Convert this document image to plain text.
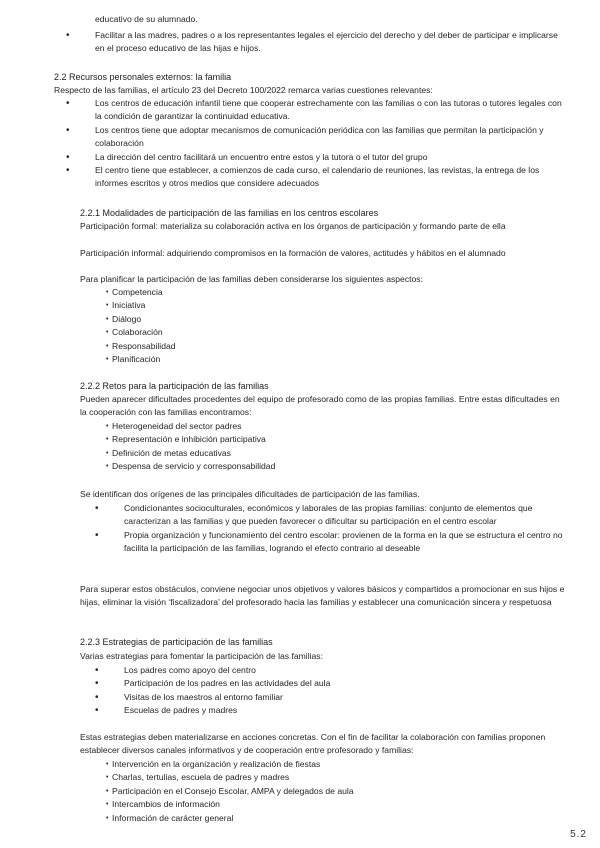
educativo de su alumnado.

• Facilitar a las madres, padres o a los representantes legales el ejercicio del derecho y del deber de participar e implicarse en el proceso educativo de las hijas e hijos.
2.2 Recursos personales externos: la familia
Respecto de las familias, el artículo 23 del Decreto 100/2022 remarca varias cuestiones relevantes:
• Los centros de educación infantil tiene que cooperar estrechamente con las familias o con las tutoras o tutores legales con la condición de garantizar la continuidad educativa.
• Los centros tiene que adoptar mecanismos de comunicación periódica con las familias que permitan la participación y colaboración
• La dirección del centro facilitará un encuentro entre estos y la tutora o el tutor del grupo
• El centro tiene que establecer, a comienzos de cada curso, el calendario de reuniones, las revistas, la entrega de los informes escritos y otros medios que considere adecuados
2.2.1 Modalidades de participación de las familias en los centros escolares
Participación formal: materializa su colaboración activa en los órganos de participación y formando parte de ella
Participación informal: adquiriendo compromisos en la formación de valores, actitudes y hábitos en el alumnado
Para planificar la participación de las familias deben considerarse los siguientes aspectos:
• Competencia
• Iniciativa
• Diálogo
• Colaboración
• Responsabilidad
• Planificación
2.2.2 Retos para la participación de las familias
Pueden aparecer dificultades procedentes del equipo de profesorado como de las propias familias. Entre estas dificultades en la cooperación con las familias encontramos:
• Heterogeneidad del sector padres
• Representación e inhibición participativa
• Definición de metas educativas
• Despensa de servicio y corresponsabilidad
Se identifican dos orígenes de las principales dificultades de participación de las familias.
• Condicionantes socioculturales, económicos y laborales de las propias familias: conjunto de elementos que caracterizan a las familias y que pueden favorecer o dificultar su participación en el centro escolar
• Propia organización y funcionamiento del centro escolar: provienen de la forma en la que se estructura el centro no facilita la participación de las familias, logrando el efecto contrario al deseable
Para superar estos obstáculos, conviene negociar unos objetivos y valores básicos y compartidos a promocionar en sus hijos e hijas, eliminar la visión ‘fiscalizadora’ del profesorado hacia las familias y establecer una comunicación sincera y respetuosa
2.2.3 Estrategias de participación de las familias
Varias estrategias para fomentar la participación de las familias:
• Los padres como apoyo del centro
• Participación de los padres en las actividades del aula
• Visitas de los maestros al entorno familiar
• Escuelas de padres y madres
Estas estrategias deben materializarse en acciones concretas. Con el fin de facilitar la colaboración con familias proponen establecer diversos canales informativos y de cooperación entre profesorado y familias:
• Intervención en la organización y realización de fiestas
• Charlas, tertulias, escuela de padres y madres
• Participación en el Consejo Escolar, AMPA y delegados de aula
• Intercambios de información
• Información de carácter general
5.2
